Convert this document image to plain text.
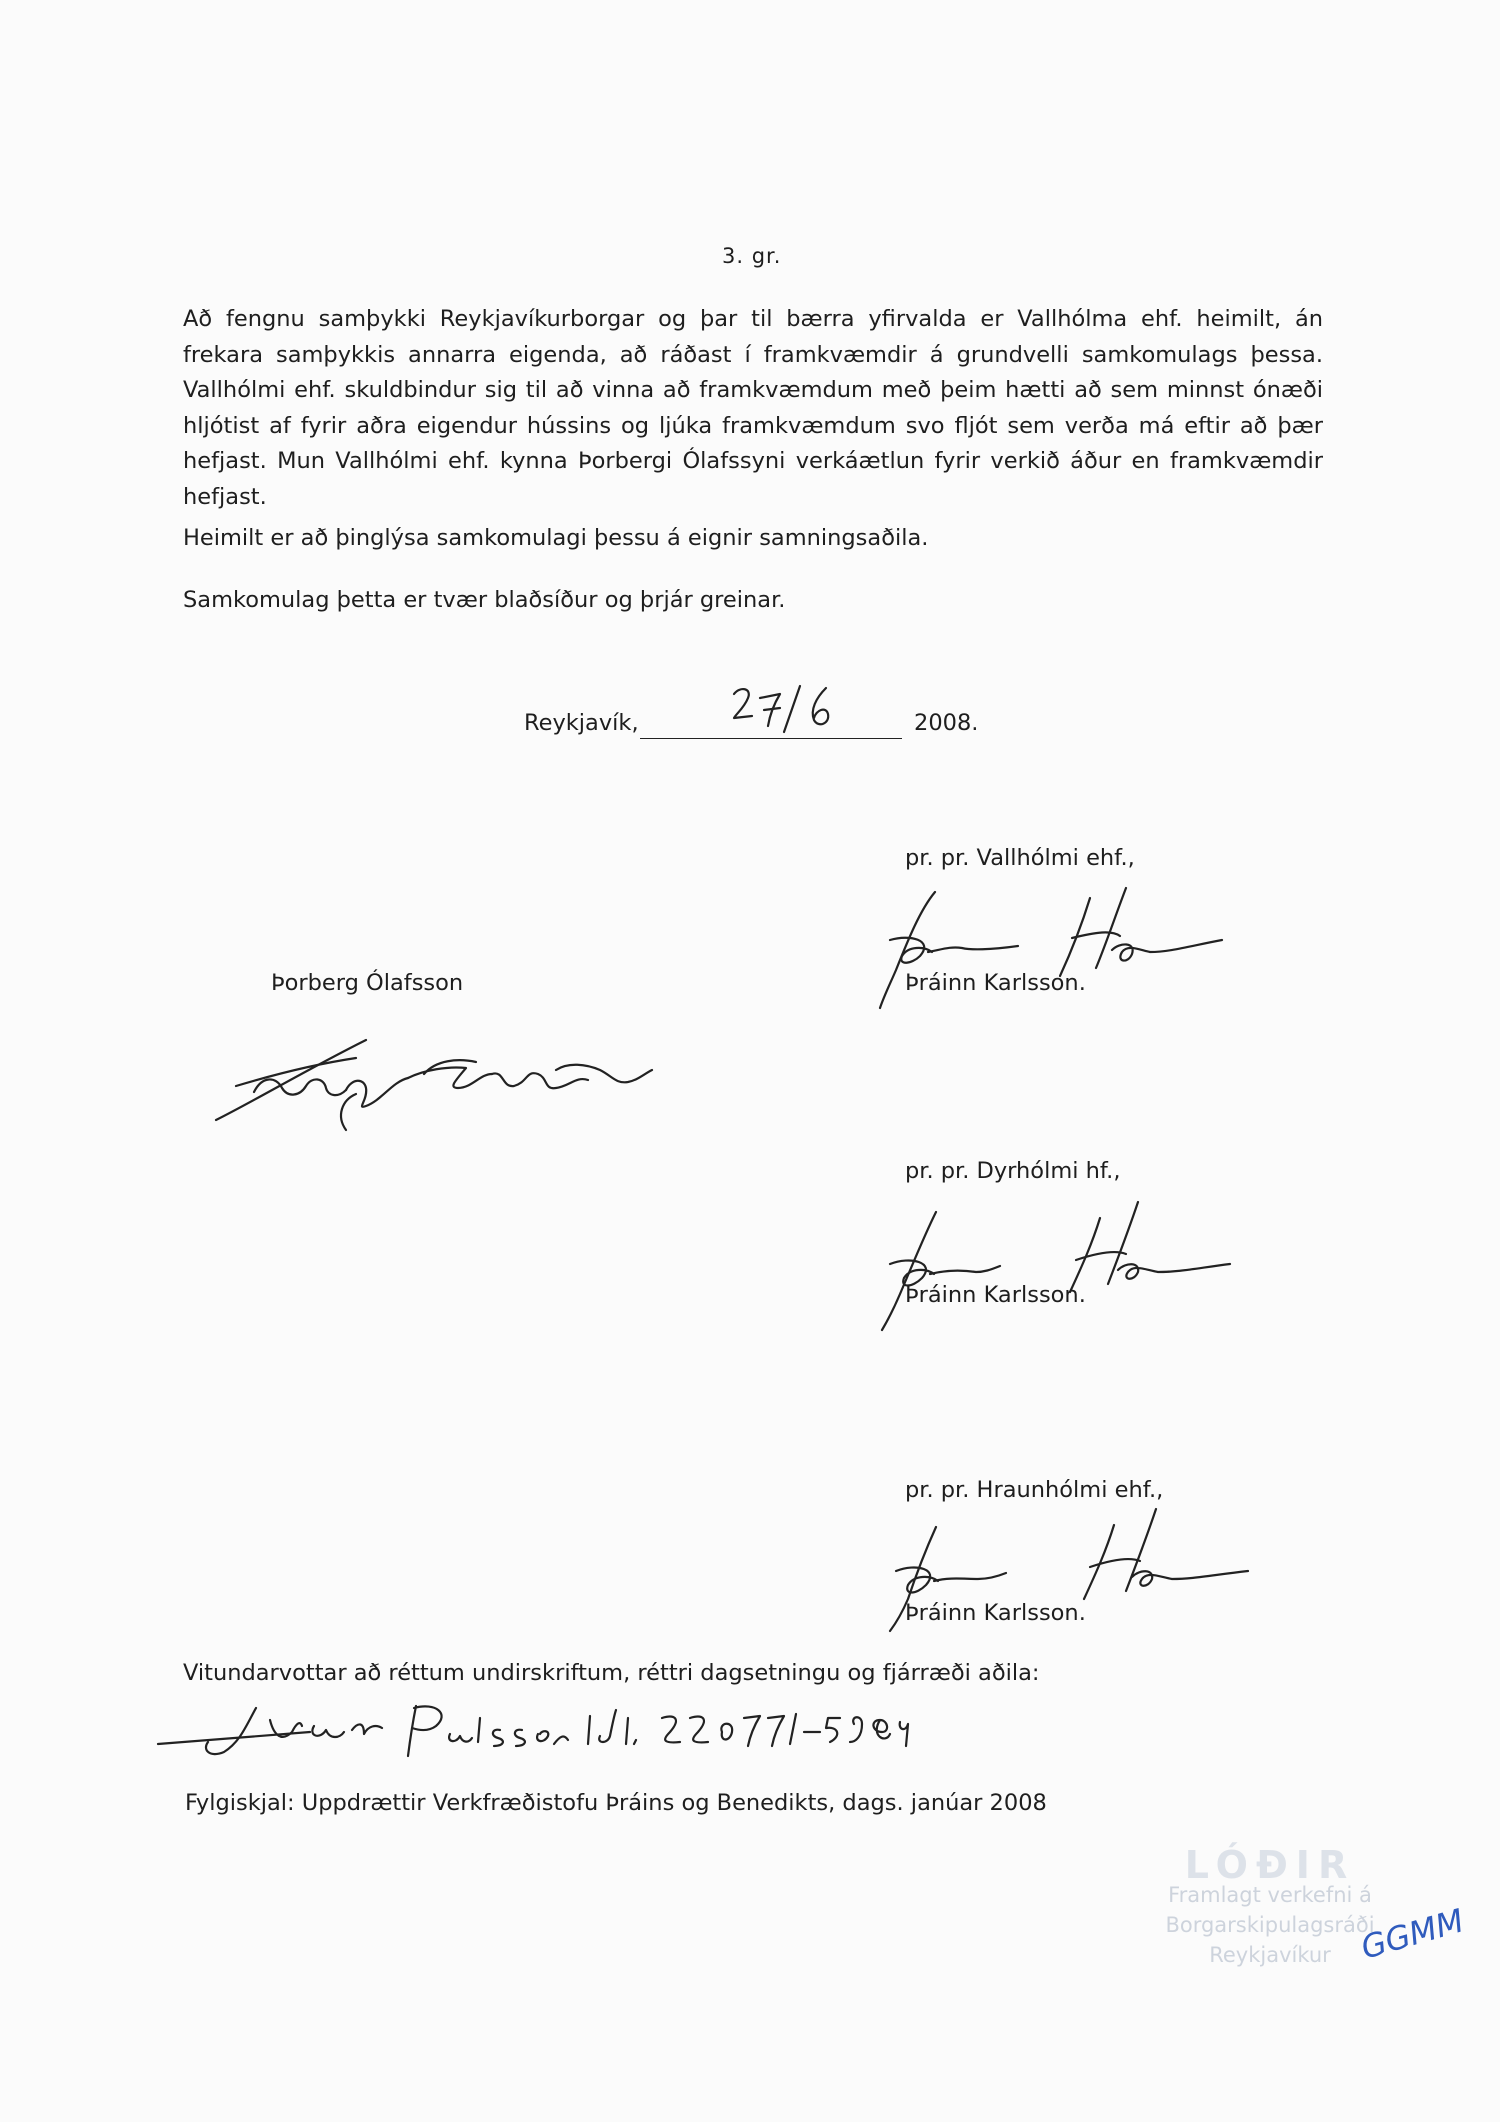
3. gr.

Að fengnu samþykki Reykjavíkurborgar og þar til bærra yfirvalda er Vallhólma ehf. heimilt, án frekara samþykkis annarra eigenda, að ráðast í framkvæmdir á grundvelli samkomulags þessa. Vallhólmi ehf. skuldbindur sig til að vinna að framkvæmdum með þeim hætti að sem minnst ónæði hljótist af fyrir aðra eigendur hússins og ljúka framkvæmdum svo fljót sem verða má eftir að þær hefjast. Mun Vallhólmi ehf. kynna Þorbergi Ólafssyni verkáætlun fyrir verkið áður en framkvæmdir hefjast.

Heimilt er að þinglýsa samkomulagi þessu á eignir samningsaðila.

Samkomulag þetta er tvær blaðsíður og þrjár greinar.

Reykjavík,	2008.
pr. pr. Vallhólmi ehf.,
Þráinn Karlsson.
Þorberg Ólafsson
pr. pr. Dyrhólmi hf.,
Þráinn Karlsson.
pr. pr. Hraunhólmi ehf.,
Þráinn Karlsson.
Vitundarvottar að réttum undirskriftum, réttri dagsetningu og fjárræði aðila:
Fylgiskjal: Uppdrættir Verkfræðistofu Þráins og Benedikts, dags. janúar 2008
LÓÐIR
Framlagt verkefni á
Borgarskipulagsráði Reykjavíkur GGMM
